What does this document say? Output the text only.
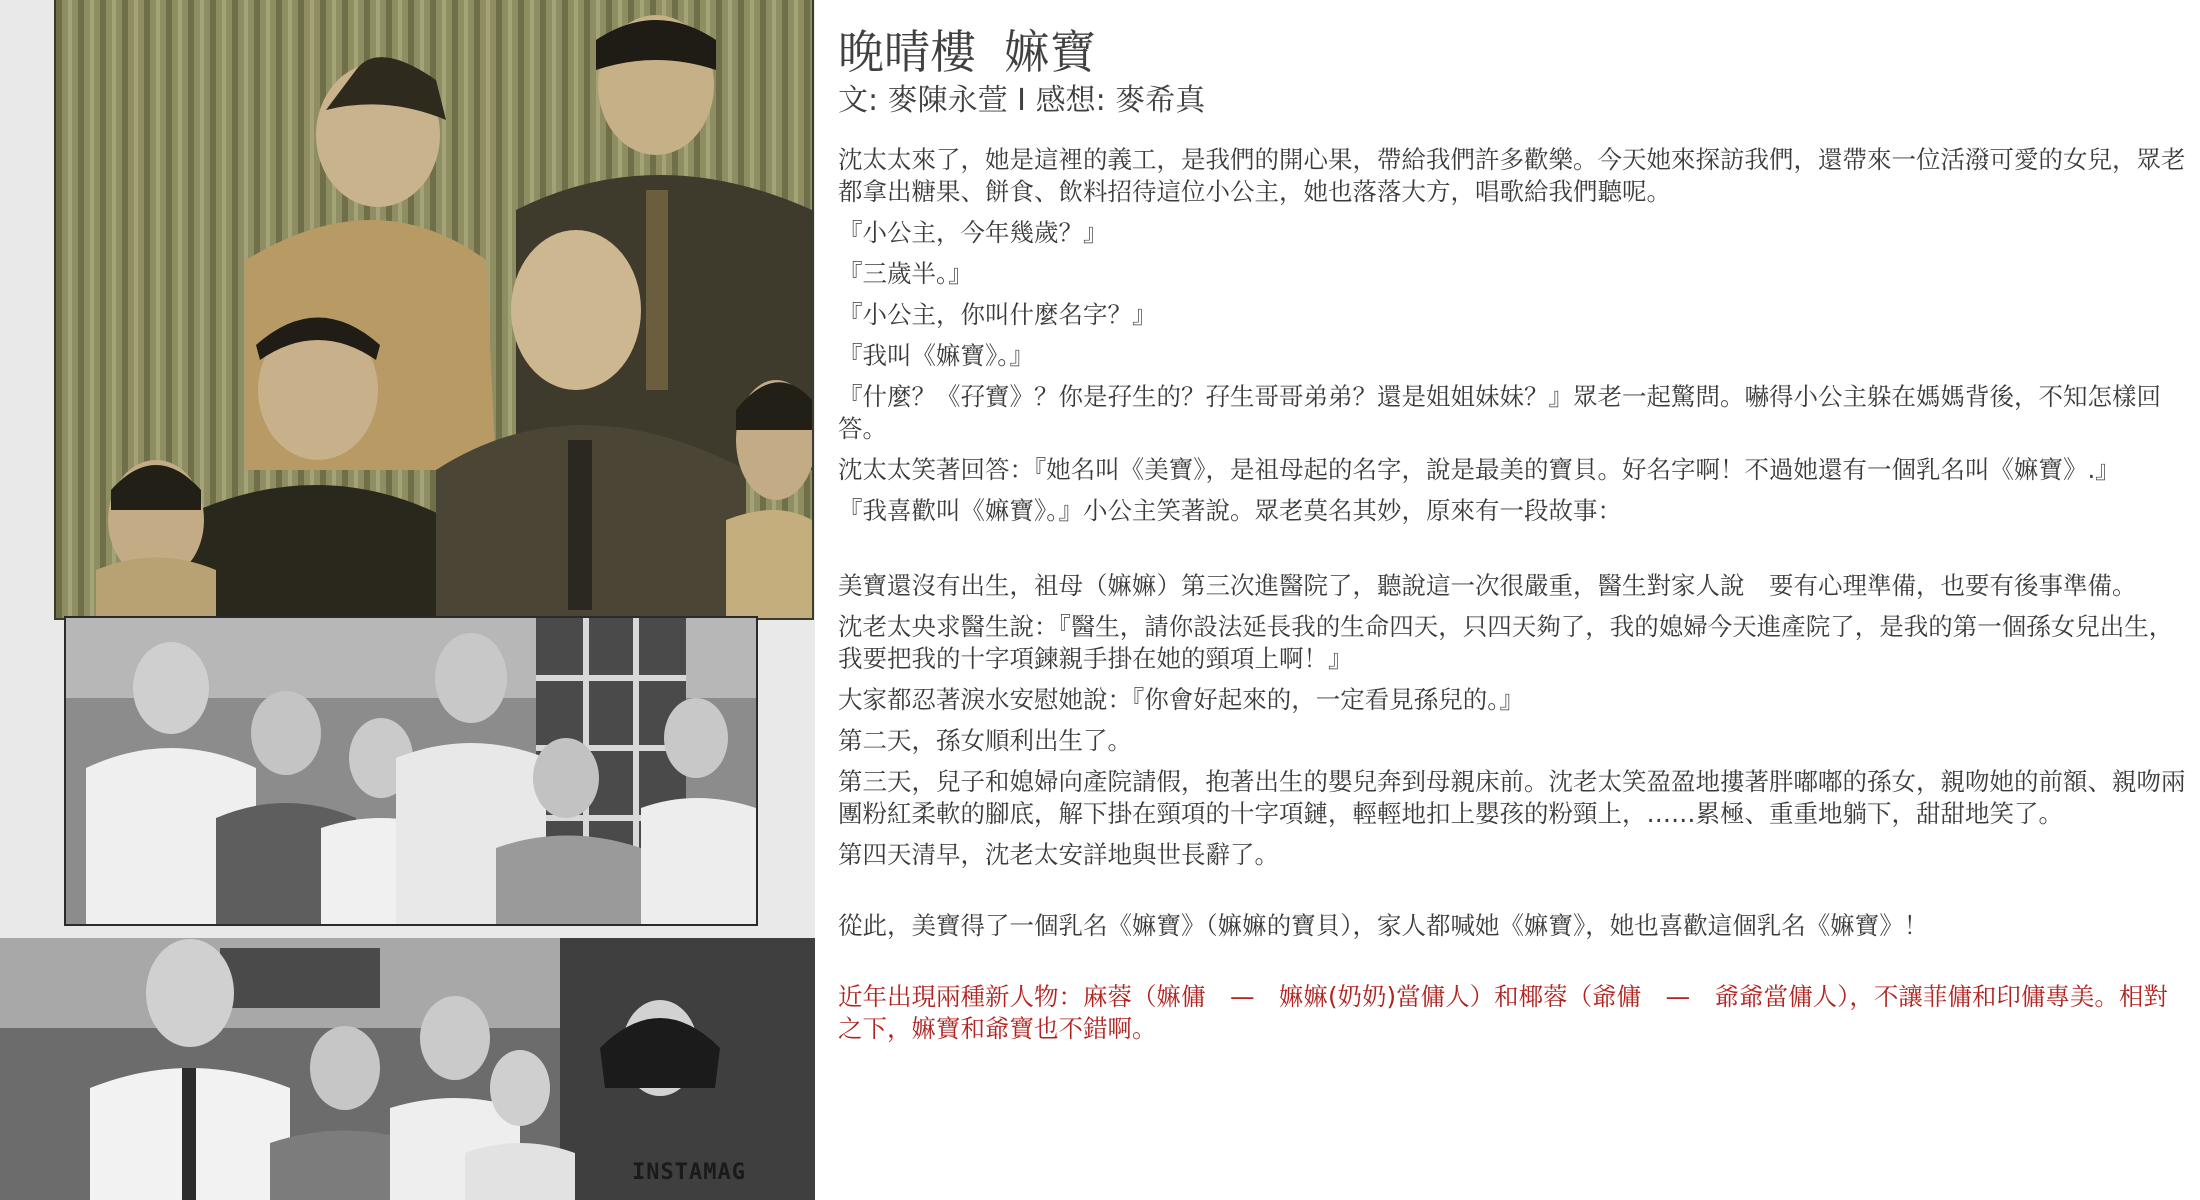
INSTAMAG
晚晴樓 嫲寶

文: 麥陳永萱 I 感想: 麥希真

沈太太來了，她是這裡的義工，是我們的開心果，帶給我們許多歡樂。今天她來探訪我們，還帶來一位活潑可愛的女兒，眾老都拿出糖果、餅食、飲料招待這位小公主，她也落落大方，唱歌給我們聽呢。

『小公主，今年幾歲？』

『三歲半。』

『小公主，你叫什麼名字？』

『我叫《嫲寶》。』

『什麼？《孖寶》？你是孖生的？孖生哥哥弟弟？還是姐姐妹妹？』眾老一起驚問。嚇得小公主躲在媽媽背後，不知怎樣回答。

沈太太笑著回答：『她名叫《美寶》，是祖母起的名字，說是最美的寶貝。好名字啊！不過她還有一個乳名叫《嫲寶》.』

『我喜歡叫《嫲寶》。』小公主笑著說。眾老莫名其妙，原來有一段故事：

美寶還沒有出生，祖母（嫲嫲）第三次進醫院了，聽說這一次很嚴重，醫生對家人說　要有心理準備，也要有後事準備。

沈老太央求醫生說：『醫生，請你設法延長我的生命四天，只四天夠了，我的媳婦今天進產院了，是我的第一個孫女兒出生，我要把我的十字項鍊親手掛在她的頸項上啊！』

大家都忍著淚水安慰她說：『你會好起來的，一定看見孫兒的。』

第二天，孫女順利出生了。

第三天，兒子和媳婦向產院請假，抱著出生的嬰兒奔到母親床前。沈老太笑盈盈地摟著胖嘟嘟的孫女，親吻她的前額、親吻兩團粉紅柔軟的腳底，解下掛在頸項的十字項鏈，輕輕地扣上嬰孩的粉頸上，……累極、重重地躺下，甜甜地笑了。

第四天清早，沈老太安詳地與世長辭了。

從此，美寶得了一個乳名《嫲寶》（嫲嫲的寶貝），家人都喊她《嫲寶》，她也喜歡這個乳名《嫲寶》！

近年出現兩種新人物：麻蓉（嫲傭　—　嫲嫲(奶奶)當傭人）和椰蓉（爺傭　—　爺爺當傭人），不讓菲傭和印傭專美。相對之下，嫲寶和爺寶也不錯啊。
